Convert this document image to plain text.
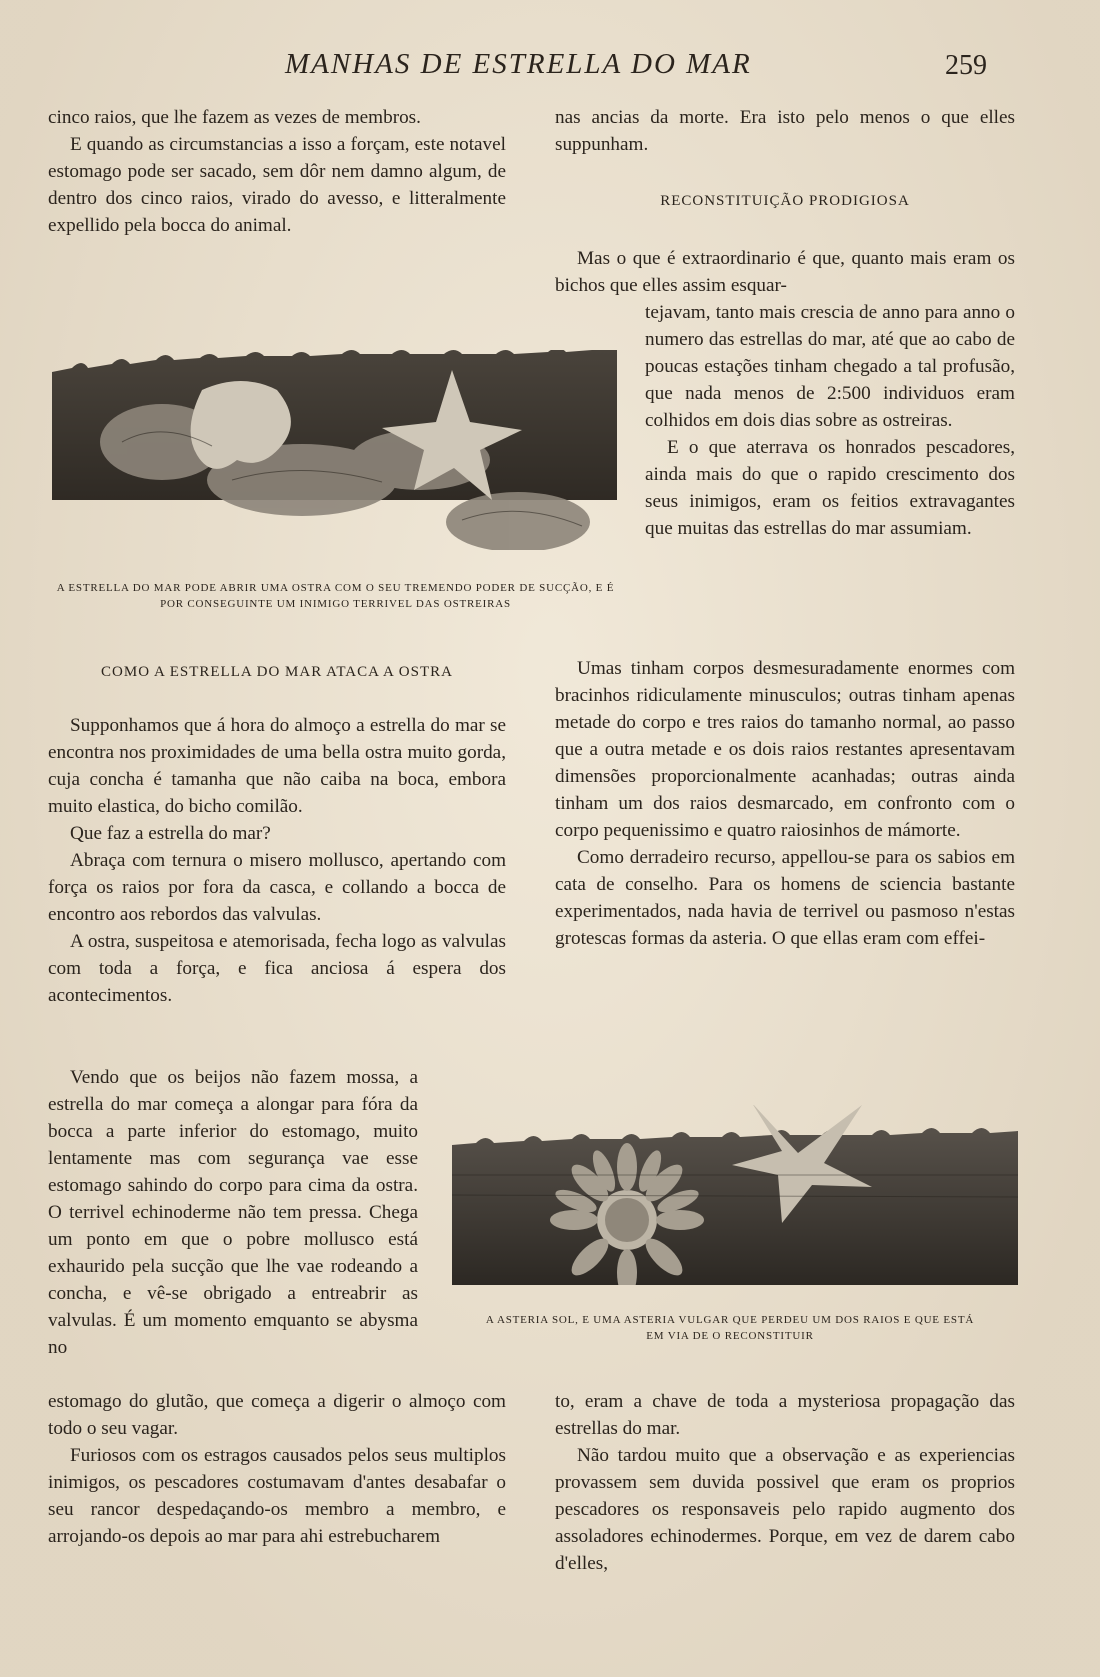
MANHAS DE ESTRELLA DO MAR	259

cinco raios, que lhe fazem as vezes de membros.

E quando as circumstancias a isso a forçam, este notavel estomago pode ser sacado, sem dôr nem damno algum, de dentro dos cinco raios, virado do avesso, e litteralmente expellido pela bocca do animal.

A ESTRELLA DO MAR PODE ABRIR UMA OSTRA COM O SEU TREMENDO PODER DE SUCÇÃO, E É POR CONSEGUINTE UM INIMIGO TERRIVEL DAS OSTREIRAS
COMO A ESTRELLA DO MAR ATACA A OSTRA

Supponhamos que á hora do almoço a estrella do mar se encontra nos proximidades de uma bella ostra muito gorda, cuja concha é tamanha que não caiba na boca, embora muito elastica, do bicho comilão.

Que faz a estrella do mar?

Abraça com ternura o misero mollusco, apertando com força os raios por fora da casca, e collando a bocca de encontro aos rebordos das valvulas.

A ostra, suspeitosa e atemorisada, fecha logo as valvulas com toda a força, e fica anciosa á espera dos acontecimentos.

Vendo que os beijos não fazem mossa, a estrella do mar começa a alongar para fóra da bocca a parte inferior do estomago, muito lentamente mas com segurança vae esse estomago sahindo do corpo para cima da ostra. O terrivel echinoderme não tem pressa. Chega um ponto em que o pobre mollusco está exhaurido pela sucção que lhe vae rodeando a concha, e vê-se obrigado a entreabrir as valvulas. É um momento emquanto se abysma no

estomago do glutão, que começa a digerir o almoço com todo o seu vagar.

Furiosos com os estragos causados pelos seus multiplos inimigos, os pescadores costumavam d'antes desabafar o seu rancor despedaçando-os membro a membro, e arrojando-os depois ao mar para ahi estrebucharem

nas ancias da morte. Era isto pelo menos o que elles suppunham.

RECONSTITUIÇÃO PRODIGIOSA

Mas o que é extraordinario é que, quanto mais eram os bichos que elles assim esquar-

tejavam, tanto mais crescia de anno para anno o numero das estrellas do mar, até que ao cabo de poucas estações tinham chegado a tal profusão, que nada menos de 2:500 individuos eram colhidos em dois dias sobre as ostreiras.

E o que aterrava os honrados pescadores, ainda mais do que o rapido crescimento dos seus inimigos, eram os feitios extravagantes que muitas das estrellas do mar assumiam.

Umas tinham corpos desmesuradamente enormes com bracinhos ridiculamente minusculos; outras tinham apenas metade do corpo e tres raios do tamanho normal, ao passo que a outra metade e os dois raios restantes apresentavam dimensões proporcionalmente acanhadas; outras ainda tinham um dos raios desmarcado, em confronto com o corpo pequenissimo e quatro raiosinhos de mámorte.

Como derradeiro recurso, appellou-se para os sabios em cata de conselho. Para os homens de sciencia bastante experimentados, nada havia de terrivel ou pasmoso n'estas grotescas formas da asteria. O que ellas eram com effei-

A ASTERIA SOL, E UMA ASTERIA VULGAR QUE PERDEU UM DOS RAIOS E QUE ESTÁ EM VIA DE O RECONSTITUIR

to, eram a chave de toda a mysteriosa propagação das estrellas do mar.

Não tardou muito que a observação e as experiencias provassem sem duvida possivel que eram os proprios pescadores os responsaveis pelo rapido augmento dos assoladores echinodermes. Porque, em vez de darem cabo d'elles,
